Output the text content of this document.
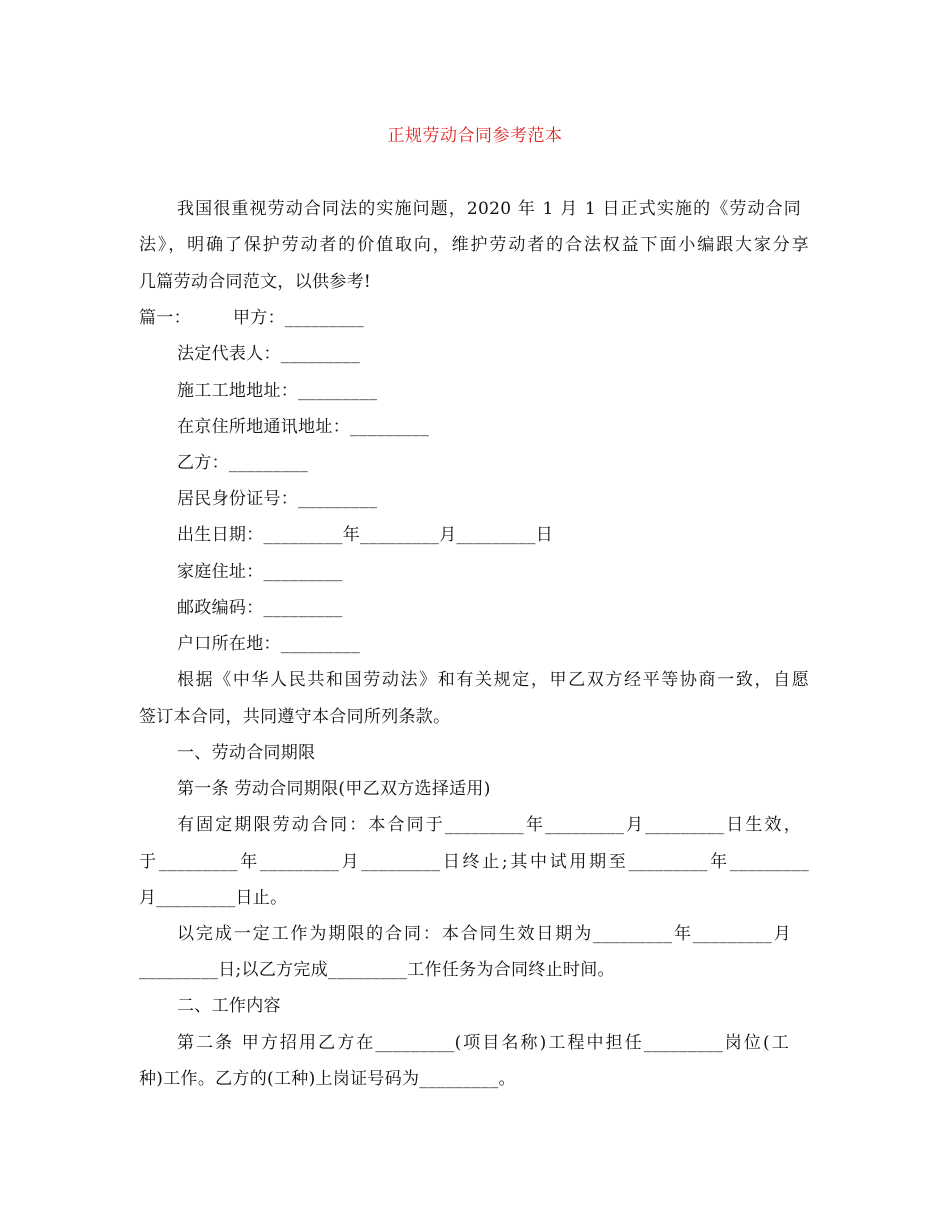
正规劳动合同参考范本
我国很重视劳动合同法的实施问题，2020 年 1 月 1 日正式实施的《劳动合同
法》，明确了保护劳动者的价值取向，维护劳动者的合法权益下面小编跟大家分享
几篇劳动合同范文，以供参考!
篇一： 甲方：_________
法定代表人：_________
施工工地地址：_________
在京住所地通讯地址：_________
乙方：_________
居民身份证号：_________
出生日期：_________年_________月_________日
家庭住址：_________
邮政编码：_________
户口所在地：_________
根据《中华人民共和国劳动法》和有关规定，甲乙双方经平等协商一致，自愿
签订本合同，共同遵守本合同所列条款。
一、劳动合同期限
第一条 劳动合同期限(甲乙双方选择适用)
有固定期限劳动合同：本合同于_________年_________月_________日生效，
于_________年_________月_________日终止;其中试用期至_________年_________
月_________日止。
以完成一定工作为期限的合同：本合同生效日期为_________年_________月
_________日;以乙方完成_________工作任务为合同终止时间。
二、工作内容
第二条 甲方招用乙方在_________(项目名称)工程中担任_________岗位(工
种)工作。乙方的(工种)上岗证号码为_________。
